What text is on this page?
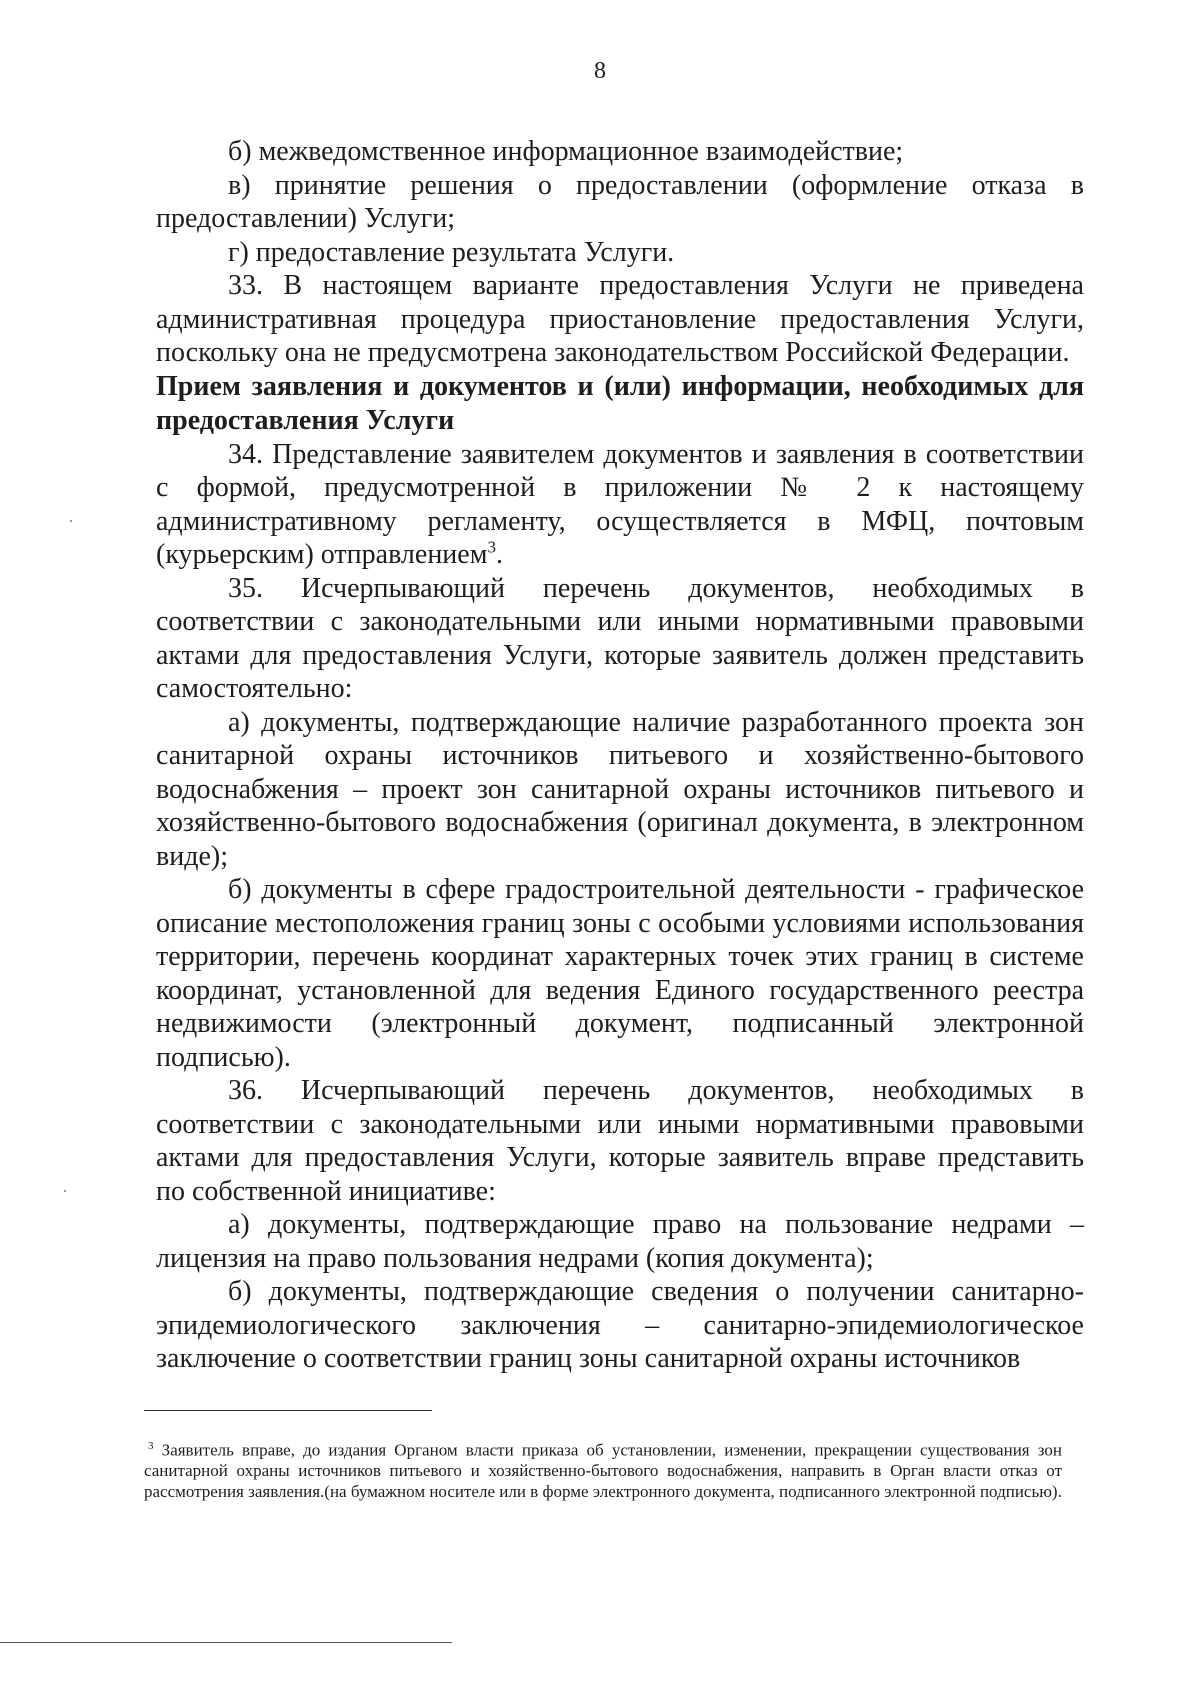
8

б) межведомственное информационное взаимодействие;

в) принятие решения о предоставлении (оформление отказа в предоставлении) Услуги;

г) предоставление результата Услуги.

33. В настоящем варианте предоставления Услуги не приведена административная процедура приостановление предоставления Услуги, поскольку она не предусмотрена законодательством Российской Федерации.

Прием заявления и документов и (или) информации, необходимых для предоставления Услуги

34. Представление заявителем документов и заявления в соответствии с формой, предусмотренной в приложении № 2 к настоящему административному регламенту, осуществляется в МФЦ, почтовым (курьерским) отправлением$^3$.

35. Исчерпывающий перечень документов, необходимых в соответствии с законодательными или иными нормативными правовыми актами для предоставления Услуги, которые заявитель должен представить самостоятельно:

а) документы, подтверждающие наличие разработанного проекта зон санитарной охраны источников питьевого и хозяйственно-бытового водоснабжения – проект зон санитарной охраны источников питьевого и хозяйственно-бытового водоснабжения (оригинал документа, в электронном виде);

б) документы в сфере градостроительной деятельности - графическое описание местоположения границ зоны с особыми условиями использования территории, перечень координат характерных точек этих границ в системе координат, установленной для ведения Единого государственного реестра недвижимости (электронный документ, подписанный электронной подписью).

36. Исчерпывающий перечень документов, необходимых в соответствии с законодательными или иными нормативными правовыми актами для предоставления Услуги, которые заявитель вправе представить по собственной инициативе:

а) документы, подтверждающие право на пользование недрами – лицензия на право пользования недрами (копия документа);

б) документы, подтверждающие сведения о получении санитарно-эпидемиологического заключения – санитарно-эпидемиологическое заключение о соответствии границ зоны санитарной охраны источников

$^3$ Заявитель вправе, до издания Органом власти приказа об установлении, изменении, прекращении существования зон санитарной охраны источников питьевого и хозяйственно-бытового водоснабжения, направить в Орган власти отказ от рассмотрения заявления.(на бумажном носителе или в форме электронного документа, подписанного электронной подписью).
